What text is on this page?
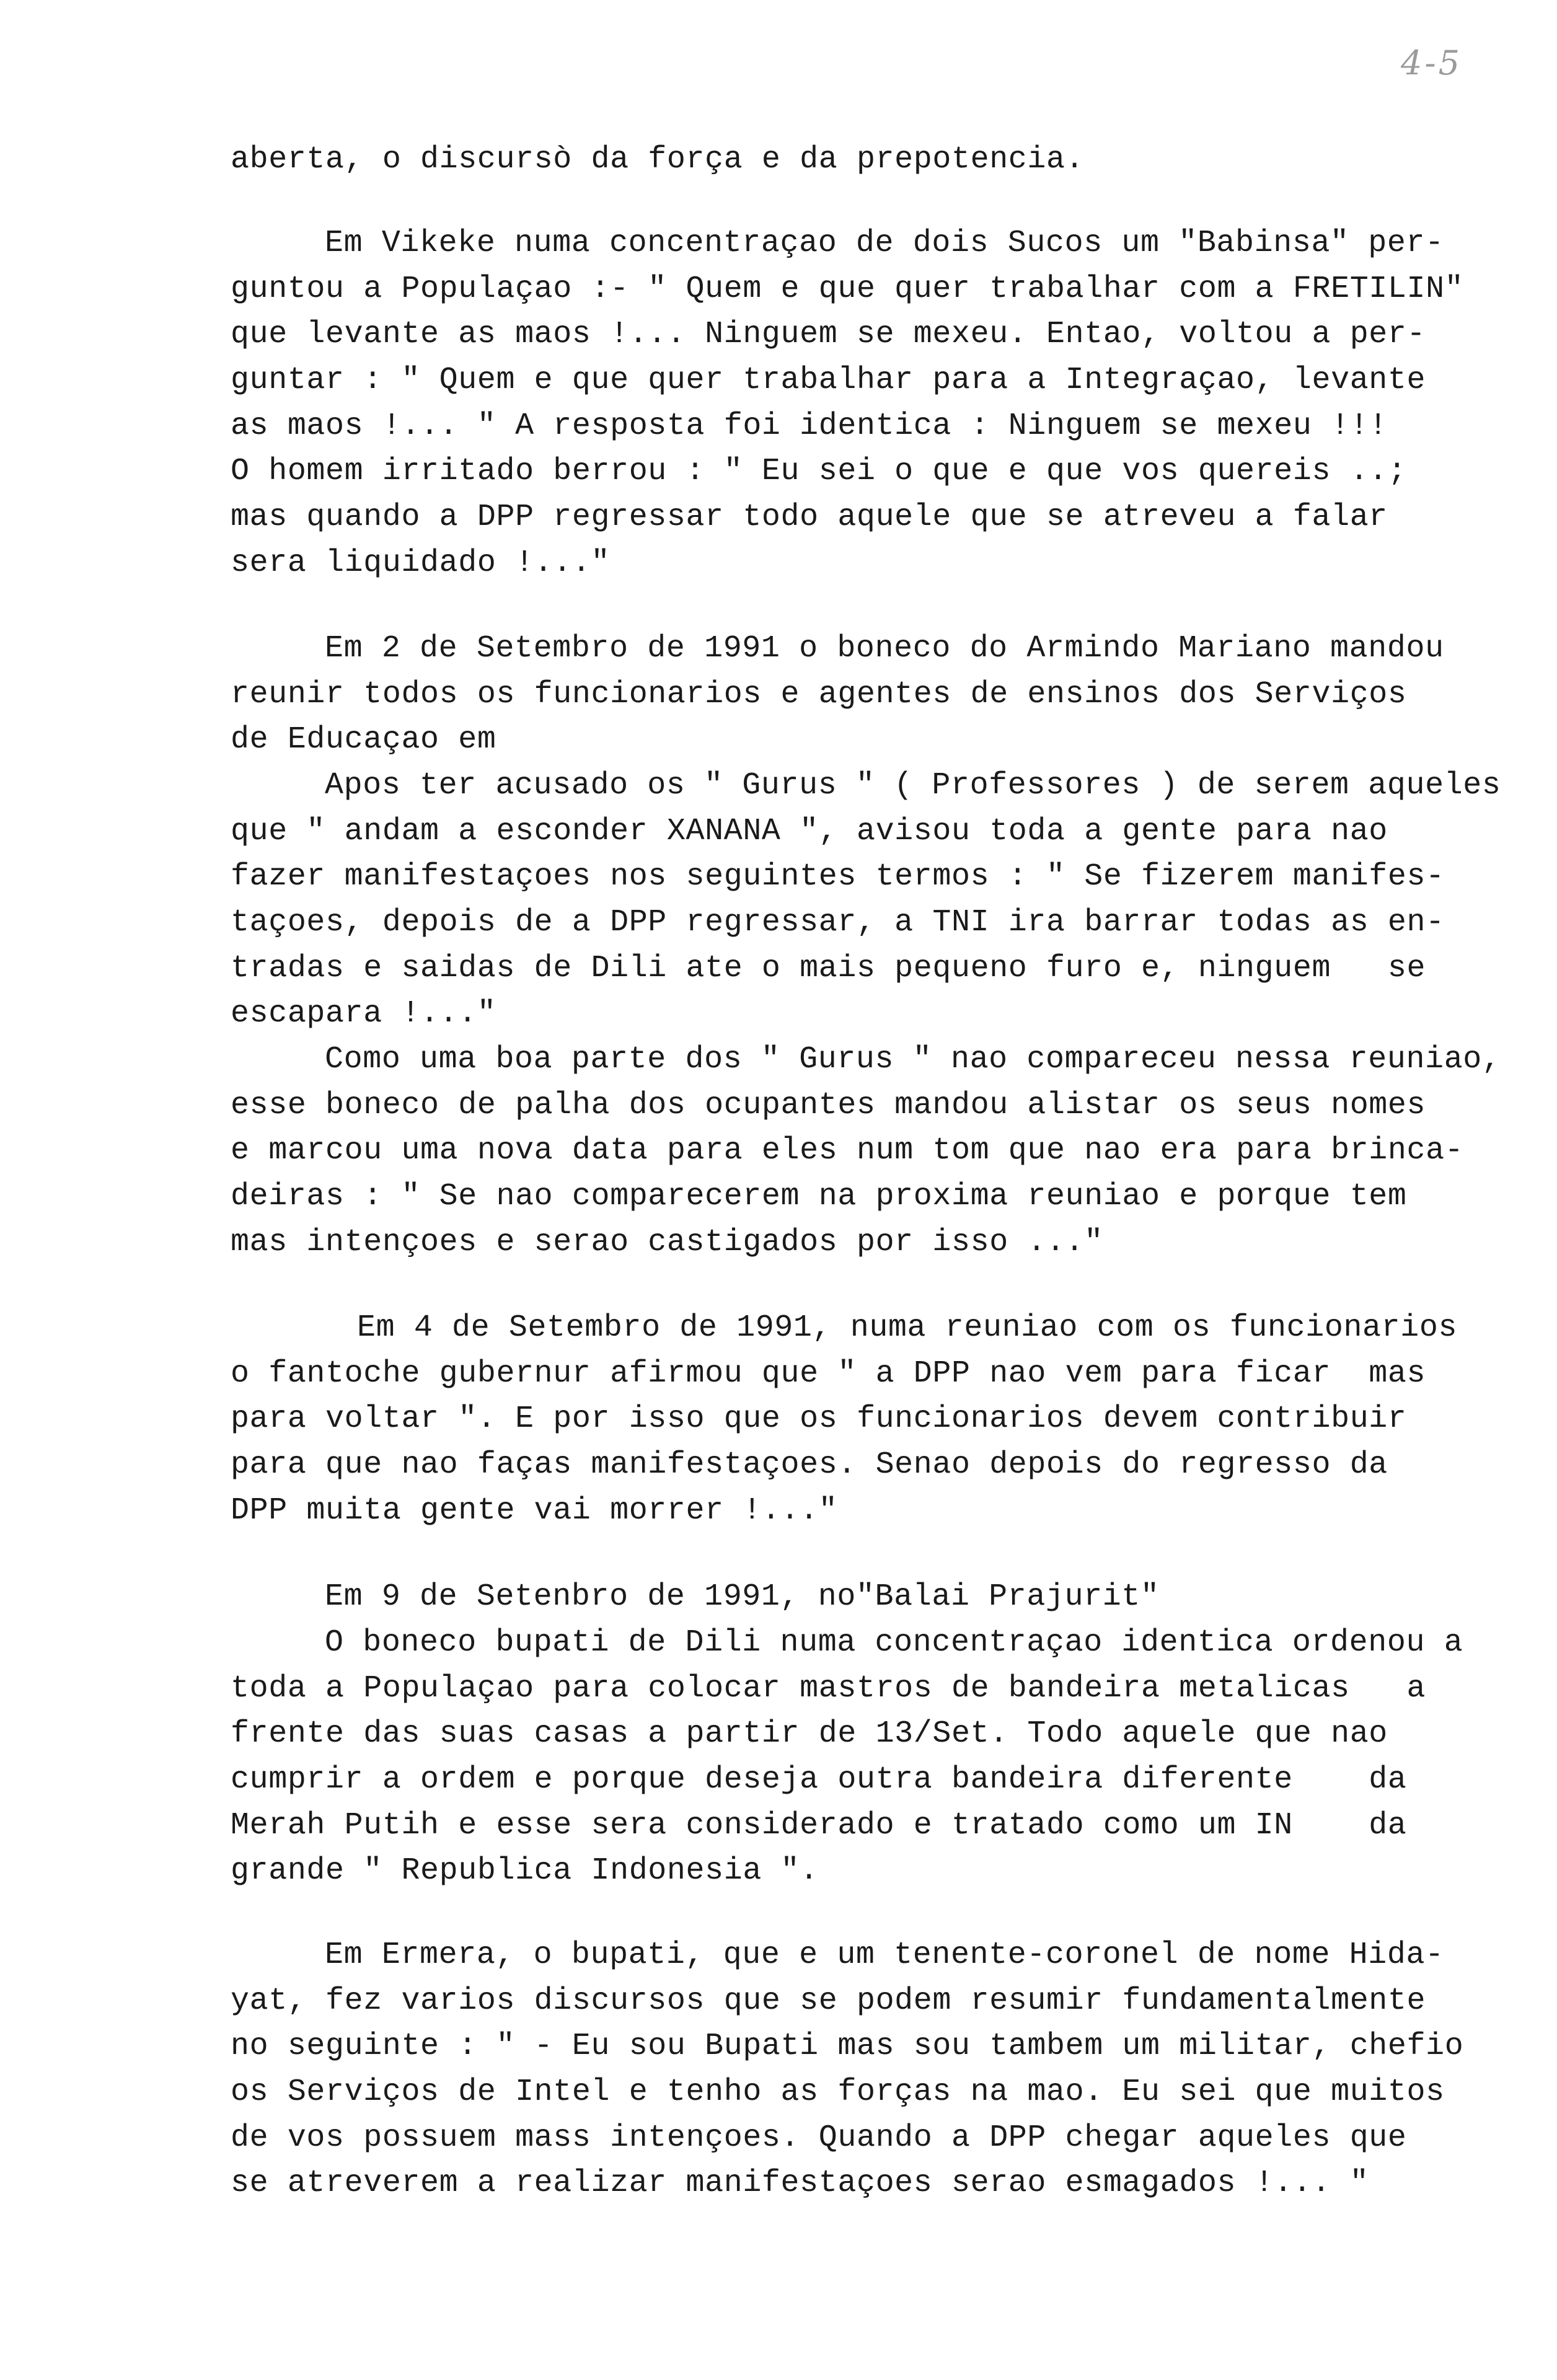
4-5
aberta, o discursò da força e da prepotencia.
Em Vikeke numa concentraçao de dois Sucos um "Babinsa" per-
guntou a Populaçao :- " Quem e que quer trabalhar com a FRETILIN"
que levante as maos !... Ninguem se mexeu. Entao, voltou a per-
guntar : " Quem e que quer trabalhar para a Integraçao, levante
as maos !... " A resposta foi identica : Ninguem se mexeu !!!
O homem irritado berrou : " Eu sei o que e que vos quereis ..;
mas quando a DPP regressar todo aquele que se atreveu a falar
sera liquidado !..."
Em 2 de Setembro de 1991 o boneco do Armindo Mariano mandou
reunir todos os funcionarios e agentes de ensinos dos Serviços
de Educaçao em
Apos ter acusado os " Gurus " ( Professores ) de serem aqueles
que " andam a esconder XANANA ", avisou toda a gente para nao
fazer manifestaçoes nos seguintes termos : " Se fizerem manifes-
taçoes, depois de a DPP regressar, a TNI ira barrar todas as en-
tradas e saidas de Dili ate o mais pequeno furo e, ninguem   se
escapara !..."
Como uma boa parte dos " Gurus " nao compareceu nessa reuniao,
esse boneco de palha dos ocupantes mandou alistar os seus nomes
e marcou uma nova data para eles num tom que nao era para brinca-
deiras : " Se nao comparecerem na proxima reuniao e porque tem
mas intençoes e serao castigados por isso ..."
Em 4 de Setembro de 1991, numa reuniao com os funcionarios
o fantoche gubernur afirmou que " a DPP nao vem para ficar  mas
para voltar ". E por isso que os funcionarios devem contribuir
para que nao faças manifestaçoes. Senao depois do regresso da
DPP muita gente vai morrer !..."
Em 9 de Setenbro de 1991, no"Balai Prajurit"
O boneco bupati de Dili numa concentraçao identica ordenou a
toda a Populaçao para colocar mastros de bandeira metalicas   a
frente das suas casas a partir de 13/Set. Todo aquele que nao
cumprir a ordem e porque deseja outra bandeira diferente    da
Merah Putih e esse sera considerado e tratado como um IN    da
grande " Republica Indonesia ".
Em Ermera, o bupati, que e um tenente-coronel de nome Hida-
yat, fez varios discursos que se podem resumir fundamentalmente
no seguinte : " - Eu sou Bupati mas sou tambem um militar, chefio
os Serviços de Intel e tenho as forças na mao. Eu sei que muitos
de vos possuem mass intençoes. Quando a DPP chegar aqueles que
se atreverem a realizar manifestaçoes serao esmagados !... "
